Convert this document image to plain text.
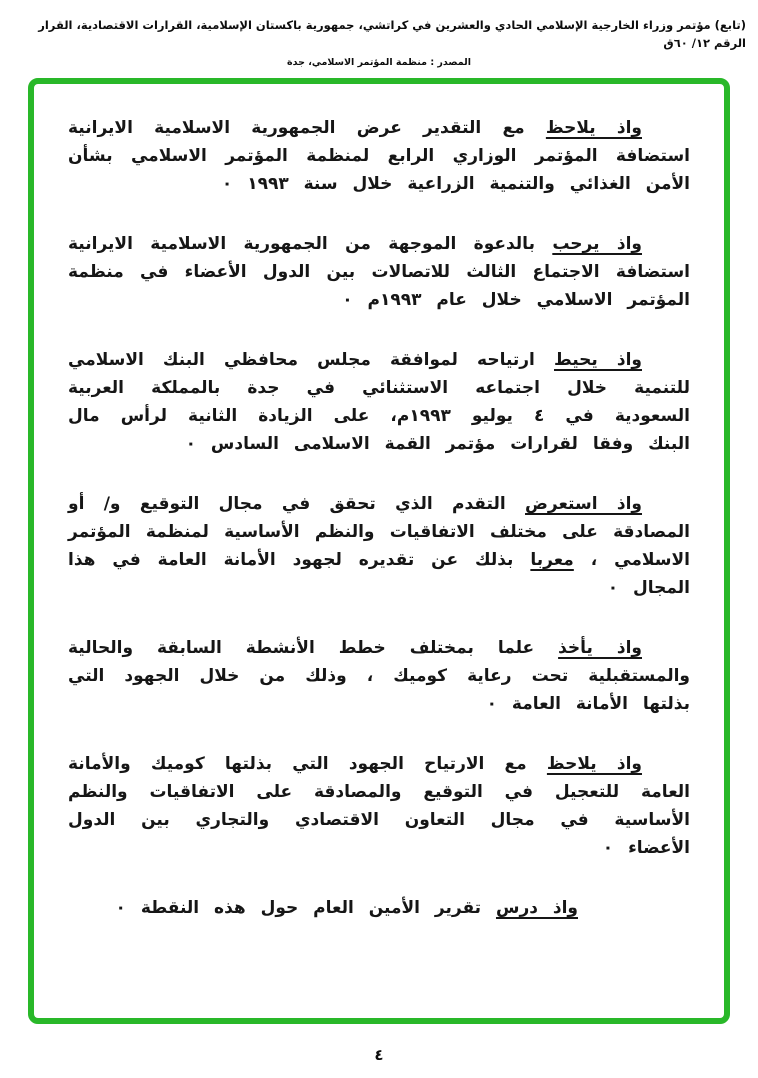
(تابع) مؤتمر وزراء الخارجية الإسلامي الحادي والعشرين في كراتشي، جمهورية باكستان الإسلامية، القرارات الاقتصادية، القرار الرقم ١٢/ ٦٠ق
المصدر : منظمة المؤتمر الاسلامي، جدة

واذ يلاحظ مع التقدير عرض الجمهورية الاسلامية الايرانية استضافة المؤتمر الوزاري الرابع لمنظمة المؤتمر الاسلامي بشأن الأمن الغذائي والتنمية الزراعية خلال سنة ١٩٩٣ ٠

واذ يرحب بالدعوة الموجهة من الجمهورية الاسلامية الايرانية استضافة الاجتماع الثالث للاتصالات بين الدول الأعضاء في منظمة المؤتمر الاسلامي خلال عام ١٩٩٣م ٠

واذ يحيط ارتياحه لموافقة مجلس محافظي البنك الاسلامي للتنمية خلال اجتماعه الاستثنائي في جدة بالمملكة العربية السعودية في ٤ يوليو ١٩٩٣م، على الزيادة الثانية لرأس مال البنك وفقا لقرارات مؤتمر القمة الاسلامى السادس ٠

واذ استعرض التقدم الذي تحقق في مجال التوقيع و/ أو المصادقة على مختلف الاتفاقيات والنظم الأساسية لمنظمة المؤتمر الاسلامي ، معربا بذلك عن تقديره لجهود الأمانة العامة في هذا المجال ٠

واذ يأخذ علما بمختلف خطط الأنشطة السابقة والحالية والمستقبلية تحت رعاية كوميك ، وذلك من خلال الجهود التي بذلتها الأمانة العامة ٠

واذ يلاحظ مع الارتياح الجهود التي بذلتها كوميك والأمانة العامة للتعجيل في التوقيع والمصادقة على الاتفاقيات والنظم الأساسية في مجال التعاون الاقتصادي والتجاري بين الدول الأعضاء ٠

واذ درس تقرير الأمين العام حول هذه النقطة ٠

٤
